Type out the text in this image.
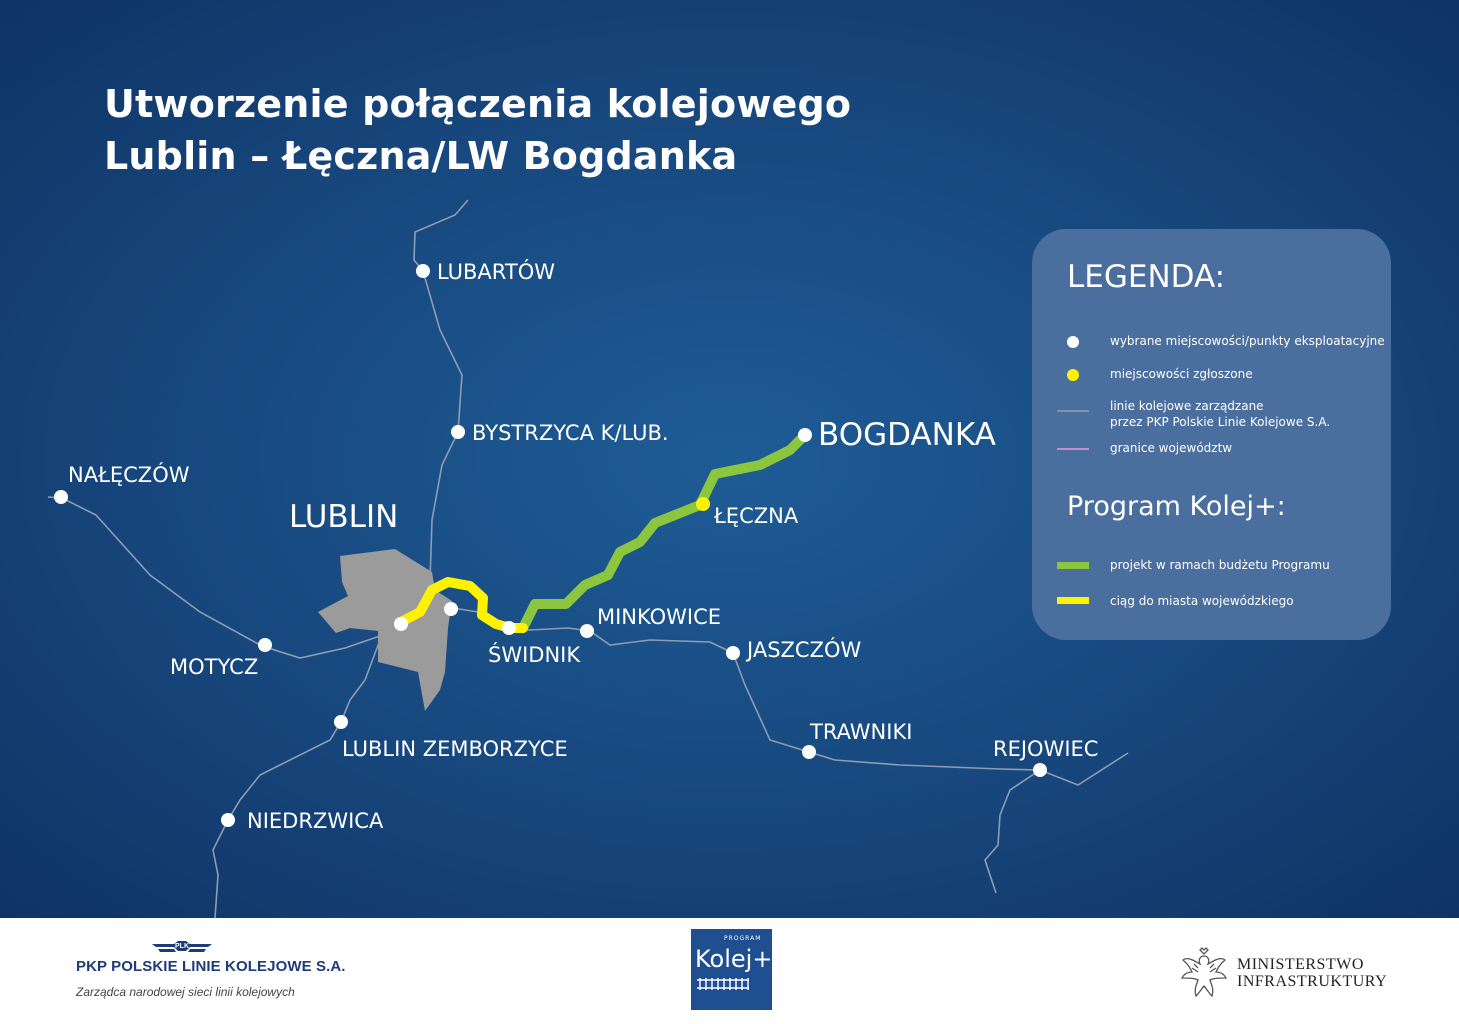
Utworzenie połączenia kolejowego
Lublin – Łęczna/LW Bogdanka
LUBARTÓW
BYSTRZYCA K/LUB.	BOGDANKA
NAŁĘCZÓW
LUBLIN	ŁĘCZNA
MINKOWICE
ŚWIDNIK	JASZCZÓW
MOTYCZ
LUBLIN ZEMBORZYCE
TRAWNIKI
REJOWIEC
NIEDRZWICA
LEGENDA:
wybrane miejscowości/punkty eksploatacyjne
miejscowości zgłoszone
linie kolejowe zarządzane
przez PKP Polskie Linie Kolejowe S.A.
granice województw
Program Kolej+:
projekt w ramach budżetu Programu
ciąg do miasta wojewódzkiego
PLK
PKP POLSKIE LINIE KOLEJOWE S.A.
Zarządca narodowej sieci linii kolejowych
PROGRAM
Kolej+	MINISTERSTWO
INFRASTRUKTURY
